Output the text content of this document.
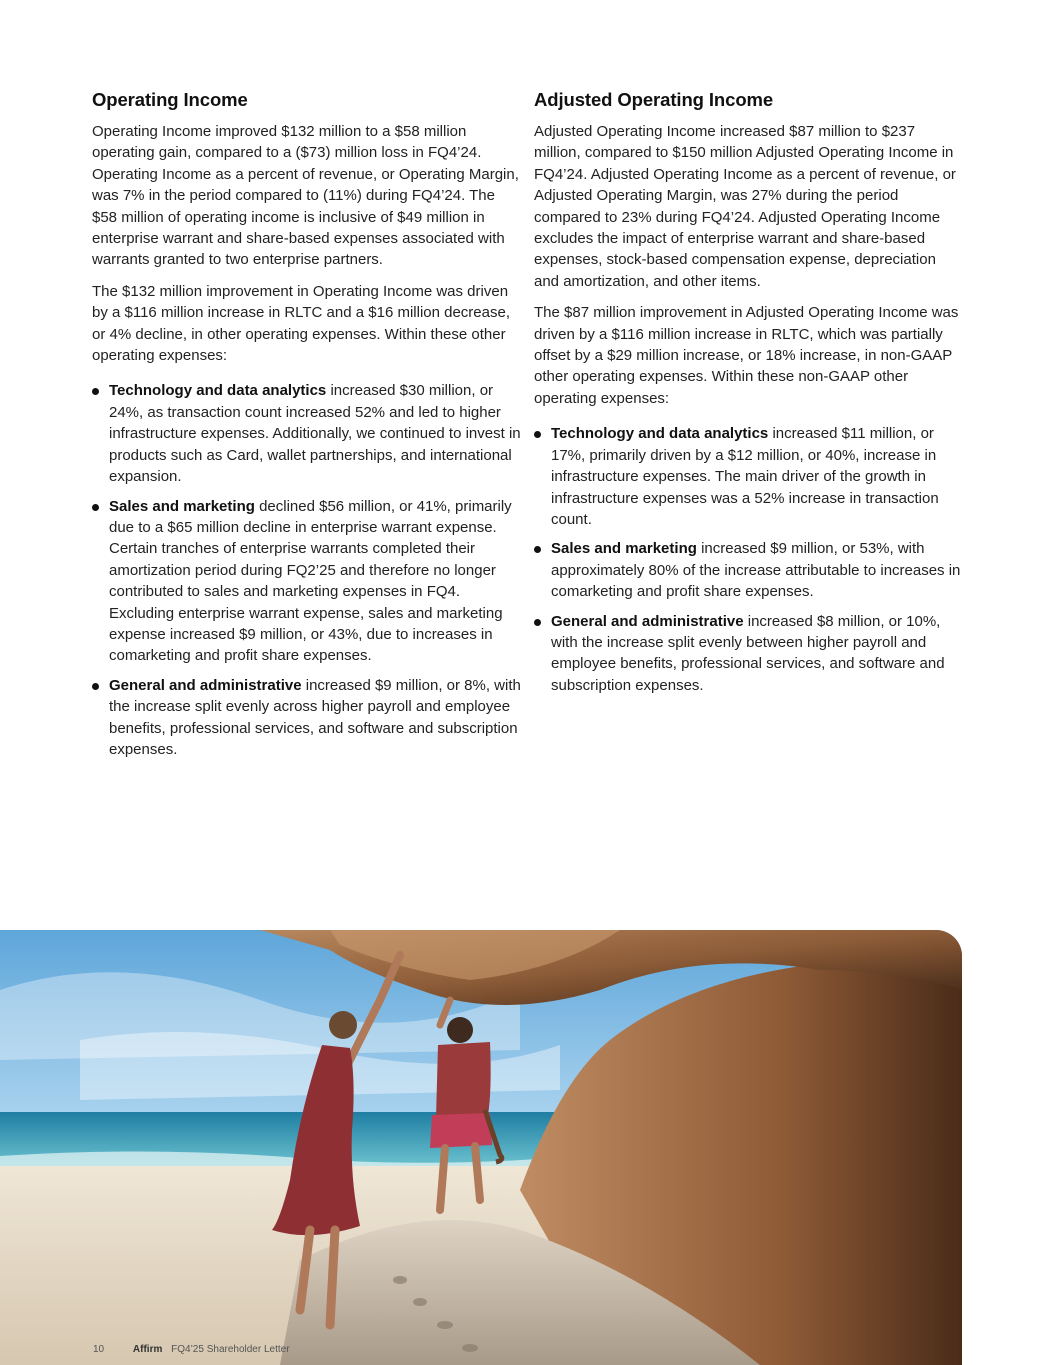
Operating Income

Operating Income improved $132 million to a $58 million operating gain, compared to a ($73) million loss in FQ4’24. Operating Income as a percent of revenue, or Operating Margin, was 7% in the period compared to (11%) during FQ4’24. The $58 million of operating income is inclusive of $49 million in enterprise warrant and share-based expenses associated with warrants granted to two enterprise partners.

The $132 million improvement in Operating Income was driven by a $116 million increase in RLTC and a $16 million decrease, or 4% decline, in other operating expenses. Within these other operating expenses:

Technology and data analytics increased $30 million, or 24%, as transaction count increased 52% and led to higher infrastructure expenses. Additionally, we continued to invest in products such as Card, wallet partnerships, and international expansion.
Sales and marketing declined $56 million, or 41%, primarily due to a $65 million decline in enterprise warrant expense. Certain tranches of enterprise warrants completed their amortization period during FQ2’25 and therefore no longer contributed to sales and marketing expenses in FQ4. Excluding enterprise warrant expense, sales and marketing expense increased $9 million, or 43%, due to increases in comarketing and profit share expenses.
General and administrative increased $9 million, or 8%, with the increase split evenly across higher payroll and employee benefits, professional services, and software and subscription expenses.
Adjusted Operating Income

Adjusted Operating Income increased $87 million to $237 million, compared to $150 million Adjusted Operating Income in FQ4’24. Adjusted Operating Income as a percent of revenue, or Adjusted Operating Margin, was 27% during the period compared to 23% during FQ4’24. Adjusted Operating Income excludes the impact of enterprise warrant and share-based expenses, stock-based compensation expense, depreciation and amortization, and other items.

The $87 million improvement in Adjusted Operating Income was driven by a $116 million increase in RLTC, which was partially offset by a $29 million increase, or 18% increase, in non-GAAP other operating expenses. Within these non-GAAP other operating expenses:

Technology and data analytics increased $11 million, or 17%, primarily driven by a $12 million, or 40%, increase in infrastructure expenses. The main driver of the growth in infrastructure expenses was a 52% increase in transaction count.
Sales and marketing increased $9 million, or 53%, with approximately 80% of the increase attributable to increases in comarketing and profit share expenses.
General and administrative increased $8 million, or 10%, with the increase split evenly between higher payroll and employee benefits, professional services, and software and subscription expenses.
10	Affirm FQ4’25 Shareholder Letter
